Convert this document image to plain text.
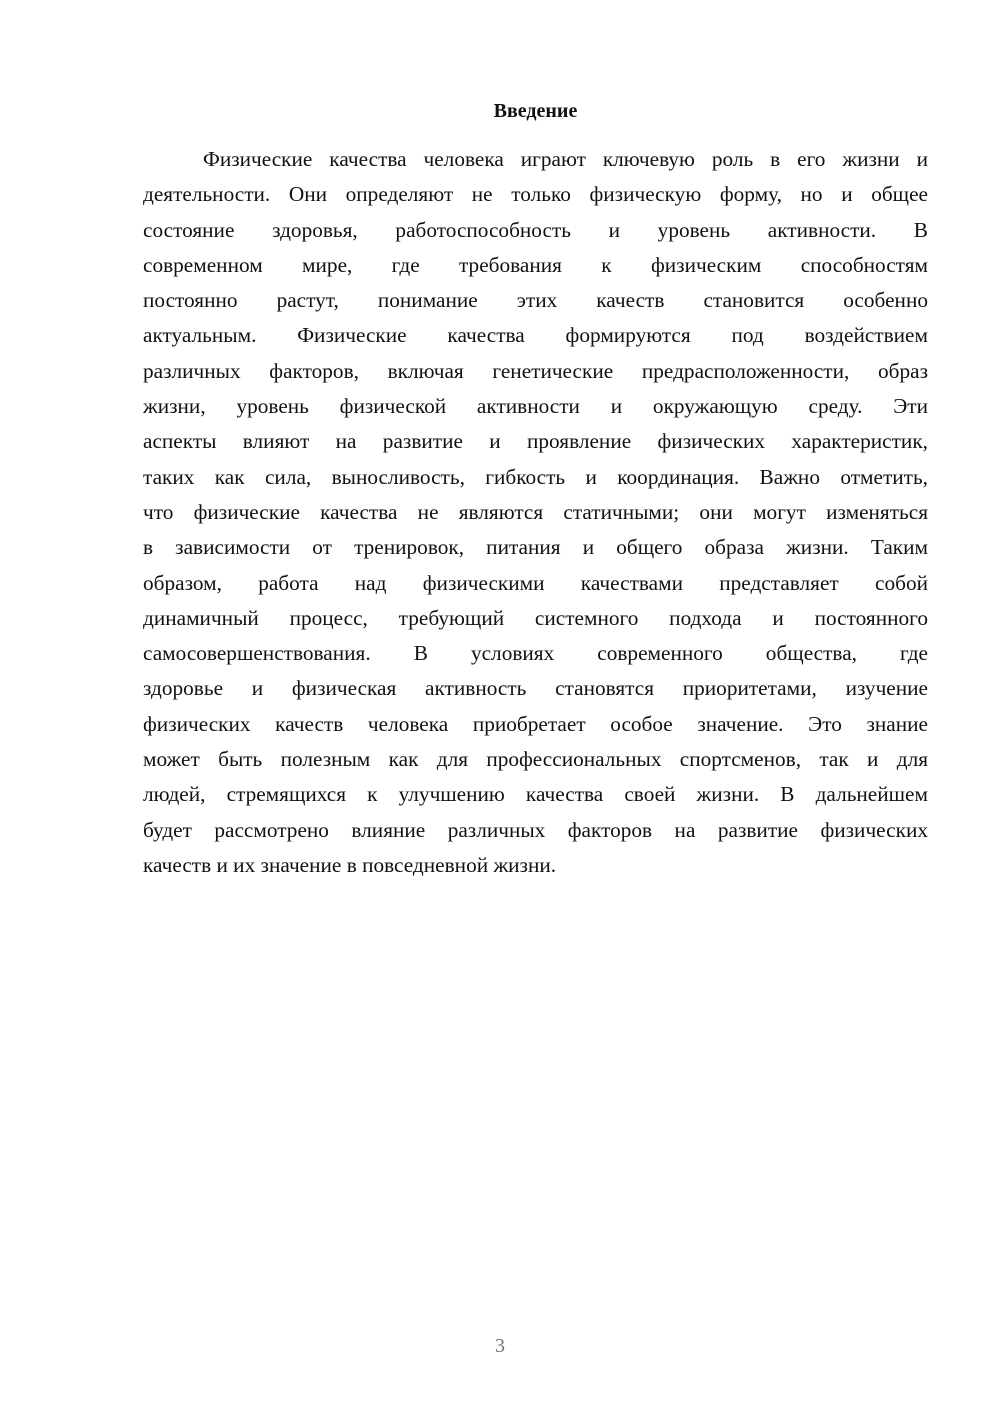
Введение
Физические качества человека играют ключевую роль в его жизни и
деятельности. Они определяют не только физическую форму, но и общее
состояние здоровья, работоспособность и уровень активности. В
современном мире, где требования к физическим способностям
постоянно растут, понимание этих качеств становится особенно
актуальным. Физические качества формируются под воздействием
различных факторов, включая генетические предрасположенности, образ
жизни, уровень физической активности и окружающую среду. Эти
аспекты влияют на развитие и проявление физических характеристик,
таких как сила, выносливость, гибкость и координация. Важно отметить,
что физические качества не являются статичными; они могут изменяться
в зависимости от тренировок, питания и общего образа жизни. Таким
образом, работа над физическими качествами представляет собой
динамичный процесс, требующий системного подхода и постоянного
самосовершенствования. В условиях современного общества, где
здоровье и физическая активность становятся приоритетами, изучение
физических качеств человека приобретает особое значение. Это знание
может быть полезным как для профессиональных спортсменов, так и для
людей, стремящихся к улучшению качества своей жизни. В дальнейшем
будет рассмотрено влияние различных факторов на развитие физических
качеств и их значение в повседневной жизни.
3
